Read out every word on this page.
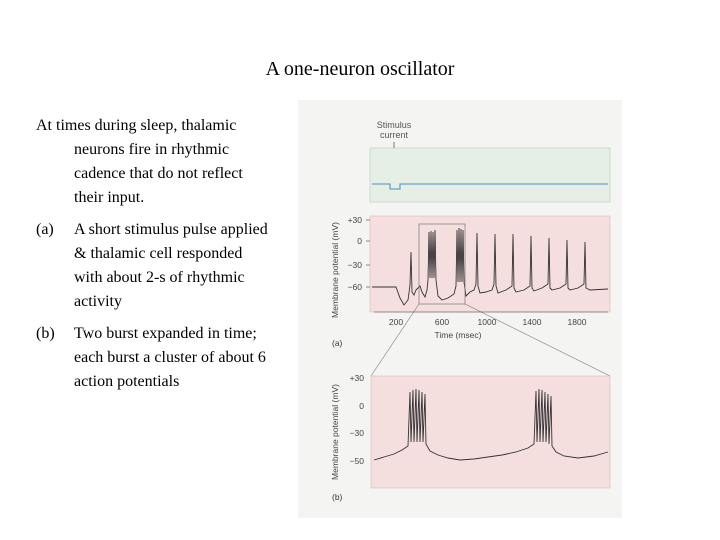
A one-neuron oscillator

At times during sleep, thalamic neurons fire in rhythmic cadence that do not reflect their input.

(a)	A short stimulus pulse applied & thalamic cell responded with about 2-s of rhythmic activity
(b)	Two burst expanded in time; each burst a cluster of about 6 action potentials
Stimulus
current
Membrane potential (mV)
+30
0
−30
−60
200	600	1000	1400	1800
Time (msec)
(a)
Membrane potential (mV)
+30
0
−30
−50
(b)
